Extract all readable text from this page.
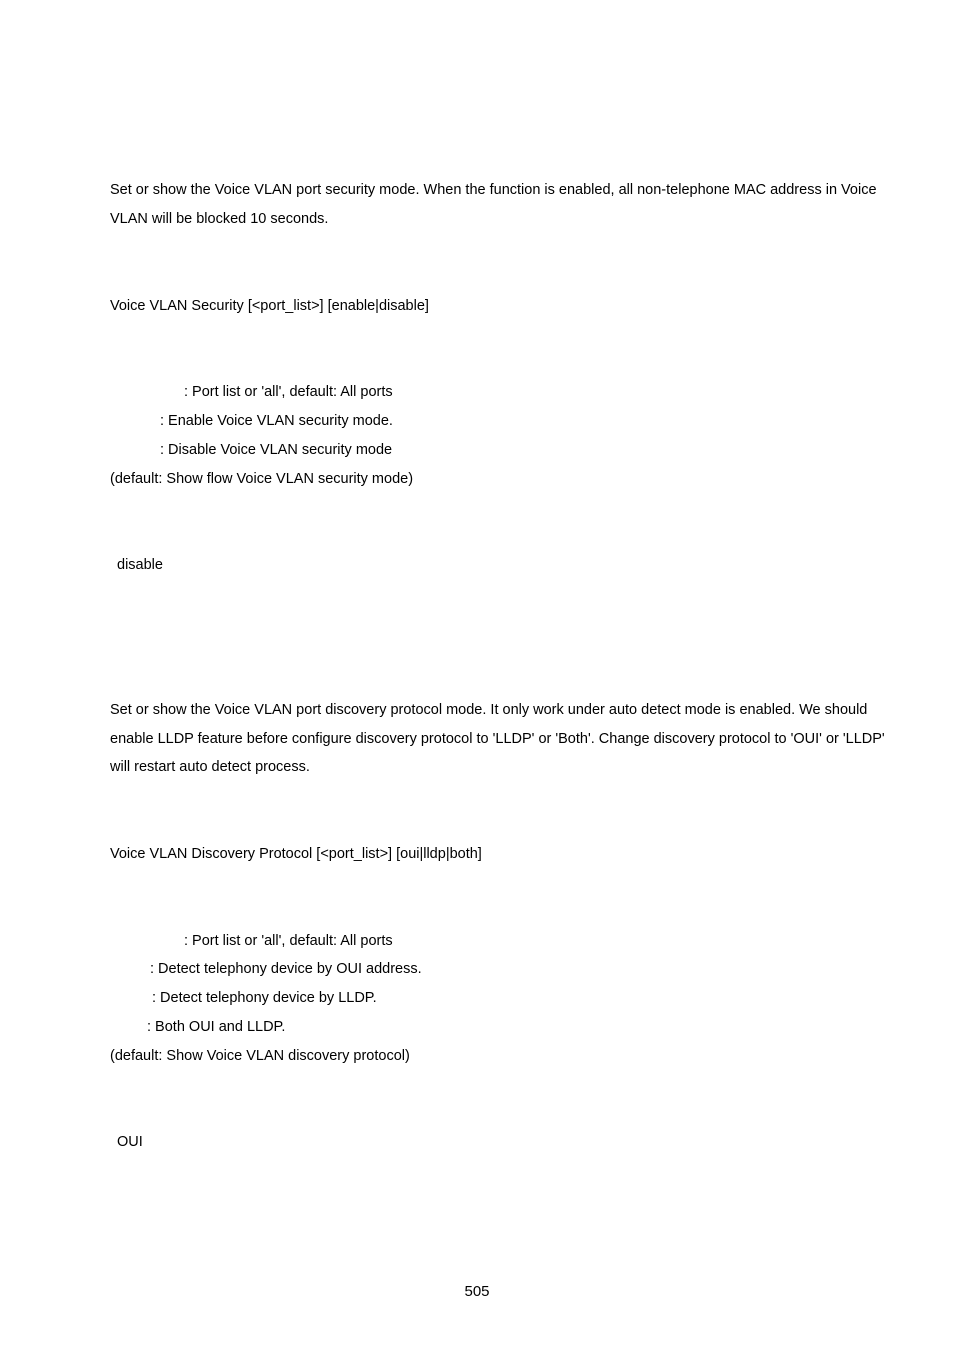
Set or show the Voice VLAN port security mode. When the function is enabled, all non-telephone MAC address in Voice
VLAN will be blocked 10 seconds.
Voice VLAN Security [<port_list>] [enable|disable]
: Port list or 'all', default: All ports
: Enable Voice VLAN security mode.
: Disable Voice VLAN security mode
(default: Show flow Voice VLAN security mode)
disable
Set or show the Voice VLAN port discovery protocol mode. It only work under auto detect mode is enabled. We should
enable LLDP feature before configure discovery protocol to 'LLDP' or 'Both'. Change discovery protocol to 'OUI' or 'LLDP'
will restart auto detect process.
Voice VLAN Discovery Protocol [<port_list>] [oui|lldp|both]
: Port list or 'all', default: All ports
: Detect telephony device by OUI address.
: Detect telephony device by LLDP.
: Both OUI and LLDP.
(default: Show Voice VLAN discovery protocol)
OUI
505
